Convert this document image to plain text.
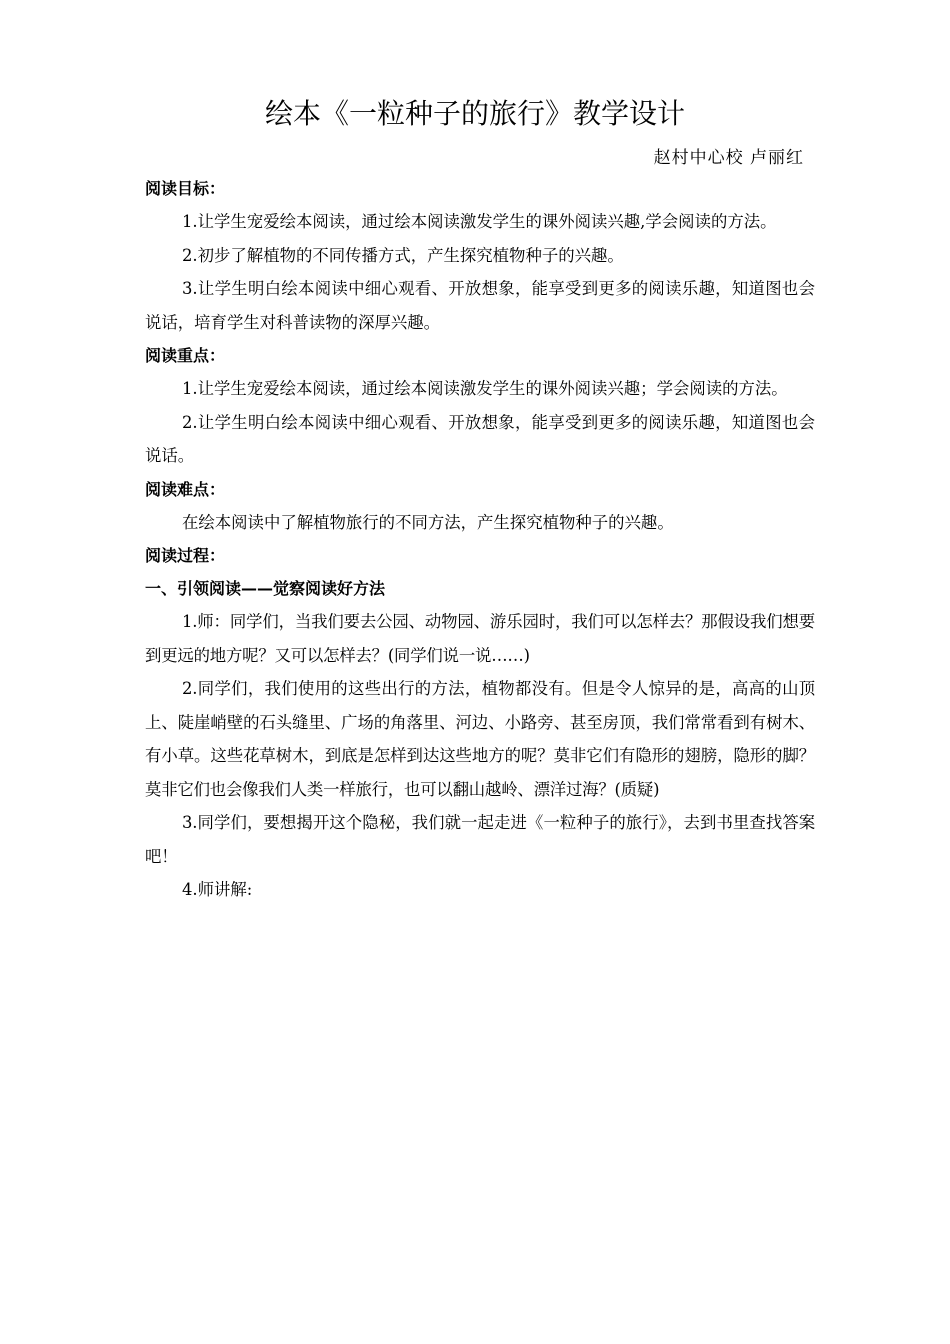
绘本《一粒种子的旅行》教学设计
赵村中心校 卢丽红
阅读目标：

1.让学生宠爱绘本阅读，通过绘本阅读激发学生的课外阅读兴趣,学会阅读的方法。

2.初步了解植物的不同传播方式，产生探究植物种子的兴趣。

3.让学生明白绘本阅读中细心观看、开放想象，能享受到更多的阅读乐趣，知道图也会说话，培育学生对科普读物的深厚兴趣。

阅读重点：

1.让学生宠爱绘本阅读，通过绘本阅读激发学生的课外阅读兴趣；学会阅读的方法。

2.让学生明白绘本阅读中细心观看、开放想象，能享受到更多的阅读乐趣，知道图也会说话。

阅读难点：

在绘本阅读中了解植物旅行的不同方法，产生探究植物种子的兴趣。

阅读过程：
一、引领阅读——觉察阅读好方法

1.师：同学们，当我们要去公园、动物园、游乐园时，我们可以怎样去？那假设我们想要到更远的地方呢？又可以怎样去？(同学们说一说……)

2.同学们，我们使用的这些出行的方法，植物都没有。但是令人惊异的是，高高的山顶上、陡崖峭壁的石头缝里、广场的角落里、河边、小路旁、甚至房顶，我们常常看到有树木、有小草。这些花草树木，到底是怎样到达这些地方的呢？莫非它们有隐形的翅膀，隐形的脚？莫非它们也会像我们人类一样旅行，也可以翻山越岭、漂洋过海？(质疑)

3.同学们，要想揭开这个隐秘，我们就一起走进《一粒种子的旅行》，去到书里查找答案吧！

4.师讲解:
